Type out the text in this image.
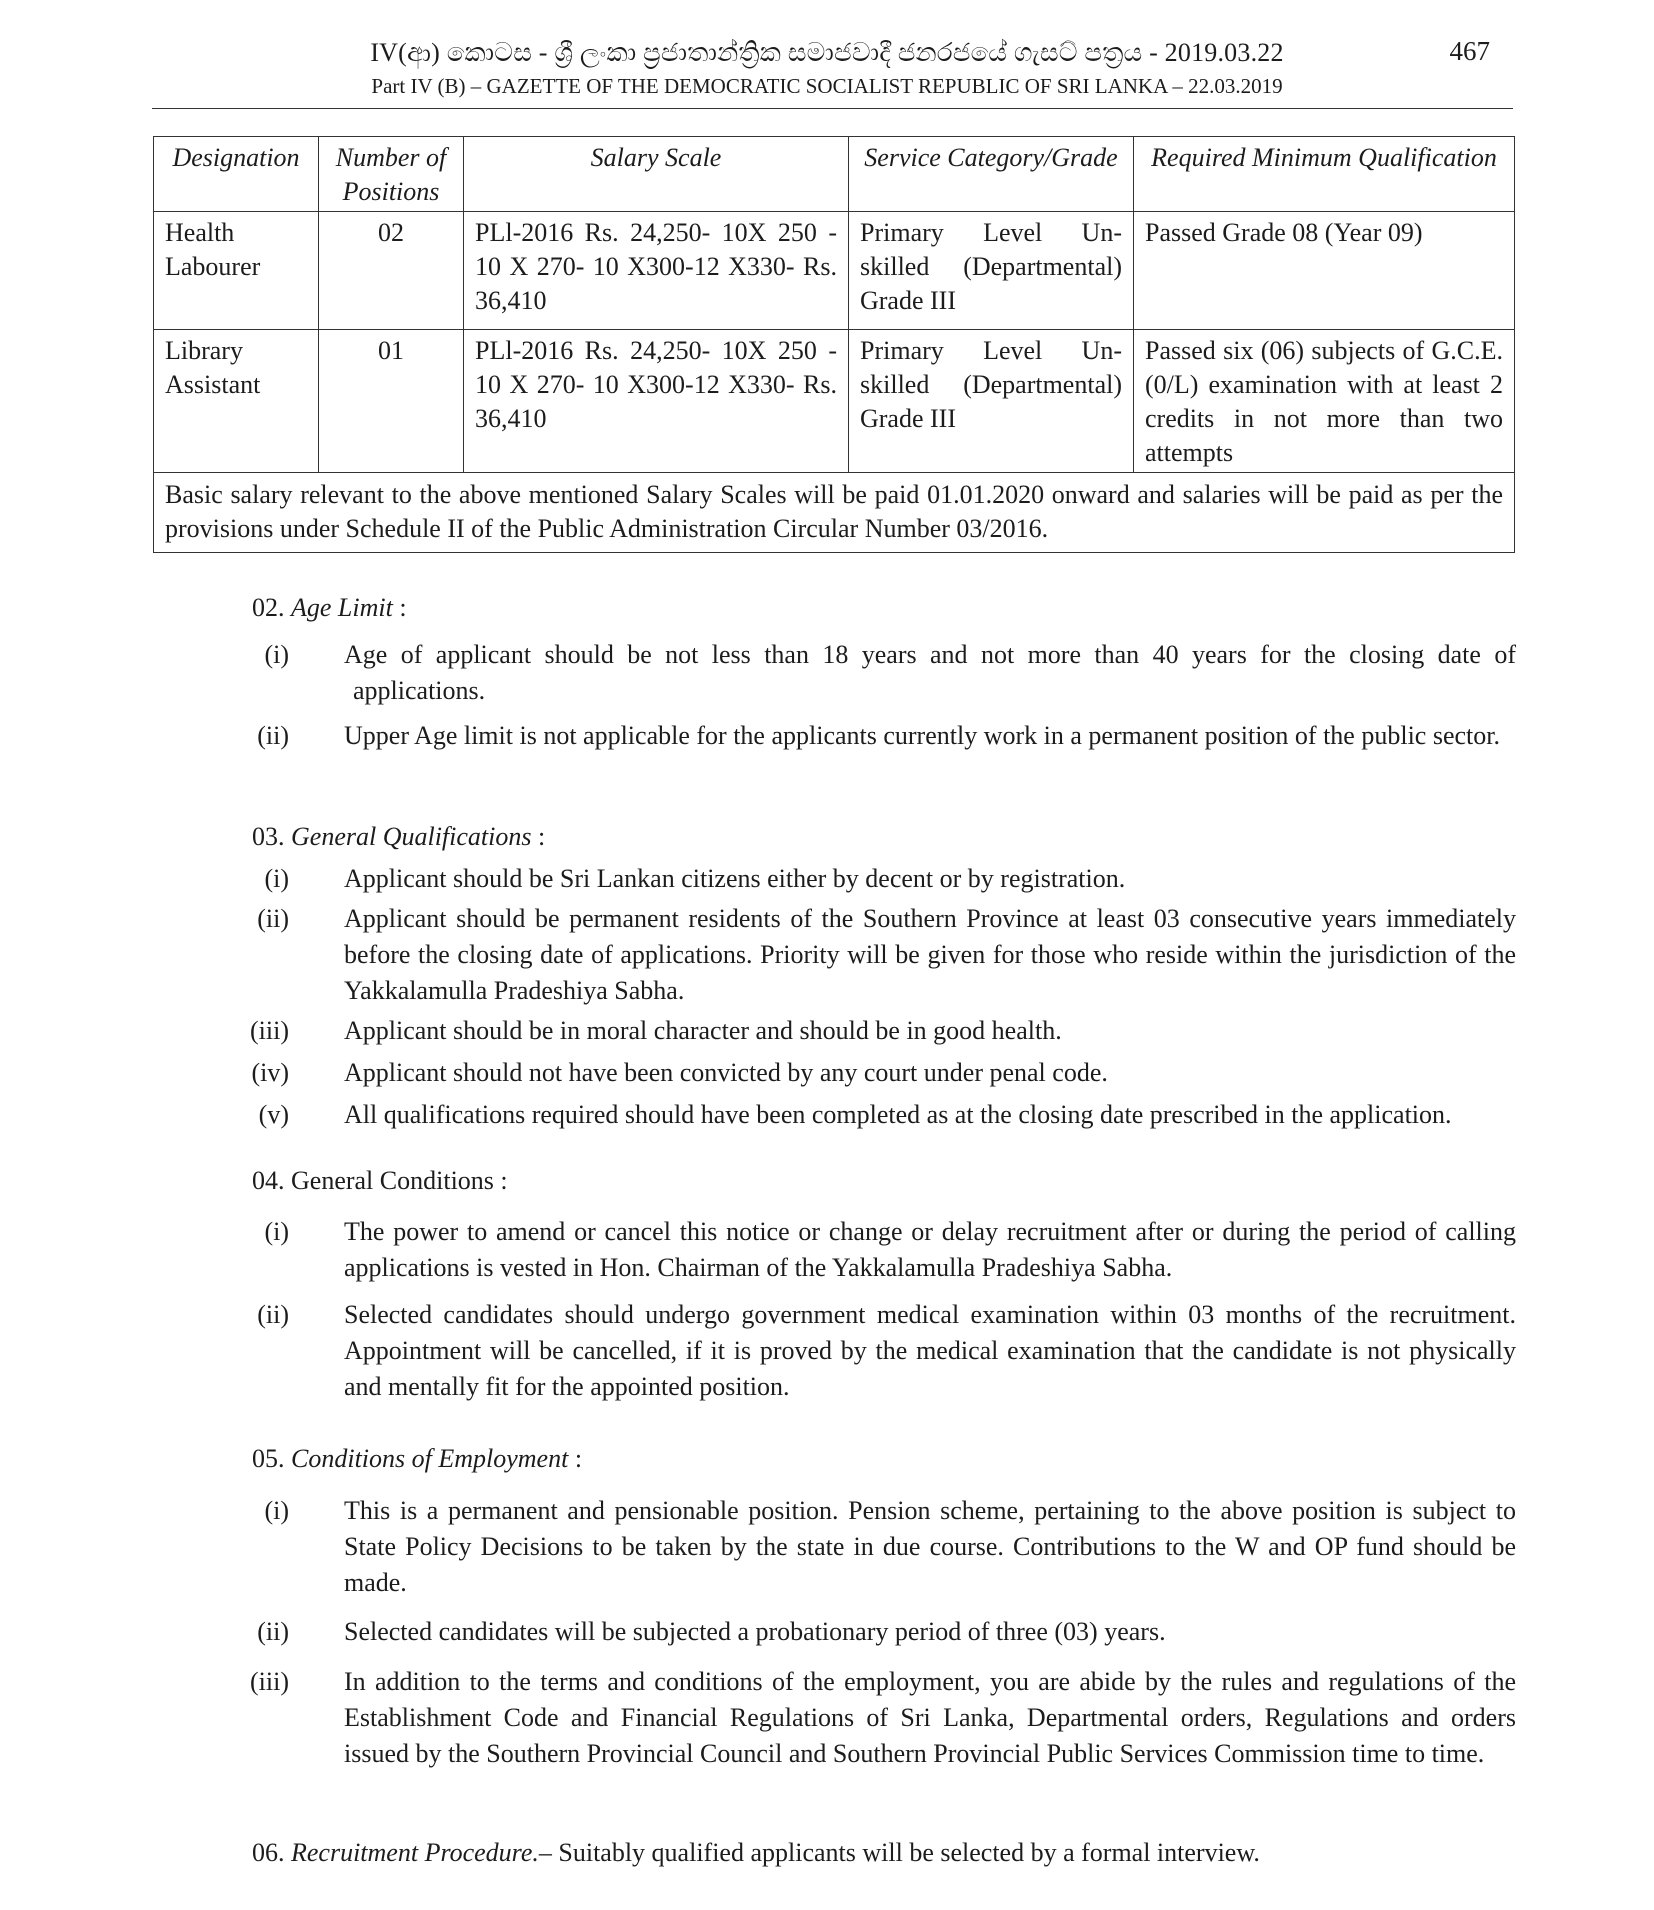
IV(ආ) කොටස - ශ්‍රී ලංකා ප්‍රජාතාන්ත්‍රික සමාජවාදී ජනරජයේ ගැසට් පත්‍රය - 2019.03.22
Part IV (B) – GAZETTE OF THE DEMOCRATIC SOCIALIST REPUBLIC OF SRI LANKA – 22.03.2019
467
Designation	Number of Positions	Salary Scale	Service Category/Grade	Required Minimum Qualification
Health Labourer	02	PLl-2016 Rs. 24,250- 10X 250 - 10 X 270- 10 X300-12 X330- Rs. 36,410	Primary Level Un-skilled (Departmental) Grade III	Passed Grade 08 (Year 09)
Library Assistant	01	PLl-2016 Rs. 24,250- 10X 250 - 10 X 270- 10 X300-12 X330- Rs. 36,410	Primary Level Un-skilled (Departmental) Grade III	Passed six (06) subjects of G.C.E.(0/L) examination with at least 2 credits in not more than two attempts
Basic salary relevant to the above mentioned Salary Scales will be paid 01.01.2020 onward and salaries will be paid as per the provisions under Schedule II of the Public Administration Circular Number 03/2016.				
02. Age Limit :
(i)	Age of applicant should be not less than 18 years and not more than 40 years for the closing date of applications.
(ii)	Upper Age limit is not applicable for the applicants currently work in a permanent position of the public sector.
03. General Qualifications :
(i)	Applicant should be Sri Lankan citizens either by decent or by registration.
(ii)	Applicant should be permanent residents of the Southern Province at least 03 consecutive years immediately before the closing date of applications. Priority will be given for those who reside within the jurisdiction of the Yakkalamulla Pradeshiya Sabha.
(iii)	Applicant should be in moral character and should be in good health.
(iv)	Applicant should not have been convicted by any court under penal code.
(v)	All qualifications required should have been completed as at the closing date prescribed in the application.
04. General Conditions :
(i)	The power to amend or cancel this notice or change or delay recruitment after or during the period of calling applications is vested in Hon. Chairman of the Yakkalamulla Pradeshiya Sabha.
(ii)	Selected candidates should undergo government medical examination within 03 months of the recruitment. Appointment will be cancelled, if it is proved by the medical examination that the candidate is not physically and mentally fit for the appointed position.
05. Conditions of Employment :
(i)	This is a permanent and pensionable position. Pension scheme, pertaining to the above position is subject to State Policy Decisions to be taken by the state in due course. Contributions to the W and OP fund should be made.
(ii)	Selected candidates will be subjected a probationary period of three (03) years.
(iii)	In addition to the terms and conditions of the employment, you are abide by the rules and regulations of the Establishment Code and Financial Regulations of Sri Lanka, Departmental orders, Regulations and orders issued by the Southern Provincial Council and Southern Provincial Public Services Commission time to time.
06. Recruitment Procedure.– Suitably qualified applicants will be selected by a formal interview.
